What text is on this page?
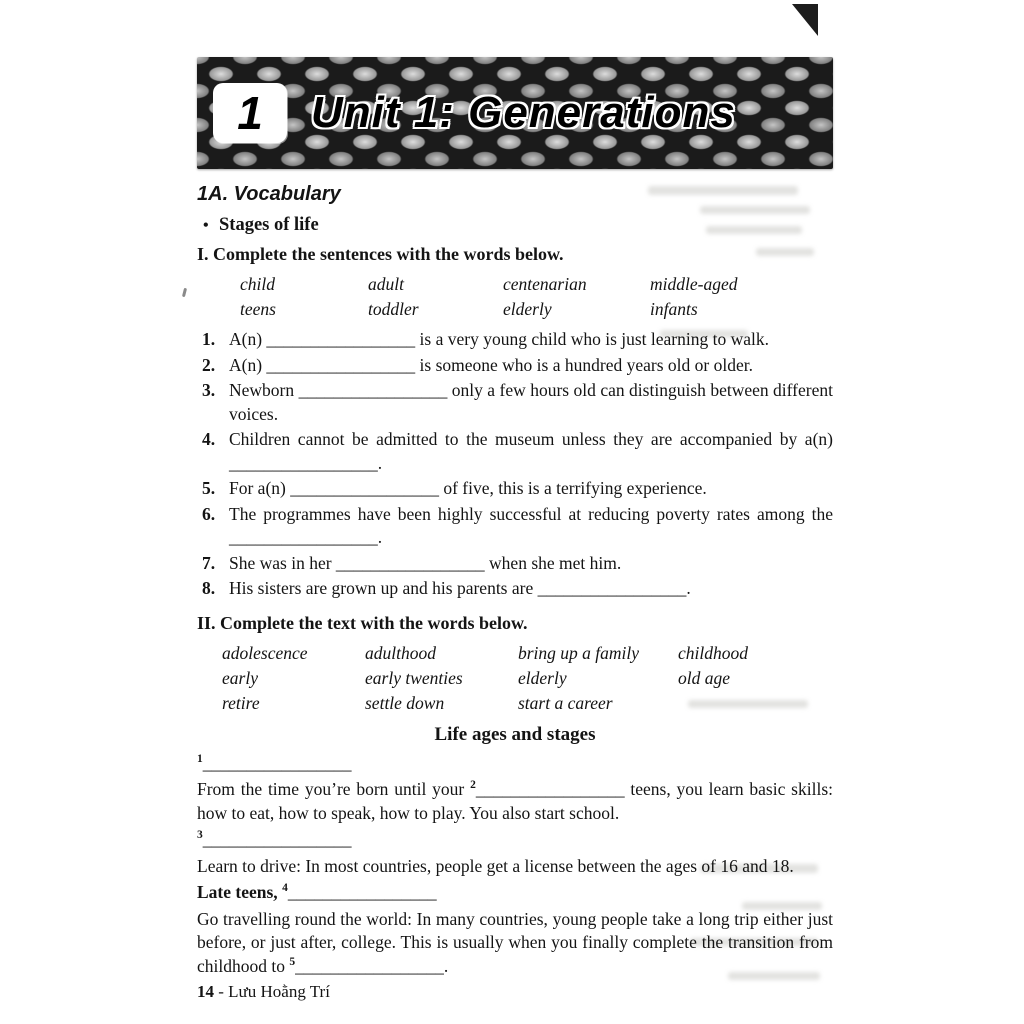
1 Unit 1: Generations
1A. Vocabulary
• Stages of life
I. Complete the sentences with the words below.
child	adult	centenarian	middle-aged
teens	toddler	elderly	infants
1. A(n) _________________ is a very young child who is just learning to walk.
2. A(n) _________________ is someone who is a hundred years old or older.
3. Newborn _________________ only a few hours old can distinguish between different voices.
4. Children cannot be admitted to the museum unless they are accompanied by a(n) _________________.
5. For a(n) _________________ of five, this is a terrifying experience.
6. The programmes have been highly successful at reducing poverty rates among the _________________.
7. She was in her _________________ when she met him.
8. His sisters are grown up and his parents are _________________.
II. Complete the text with the words below.
adolescence	adulthood	bring up a family	childhood
early	early twenties	elderly	old age
retire	settle down	start a career
Life ages and stages
$^1$_________________

From the time you’re born until your $^2$_________________ teens, you learn basic skills: how to eat, how to speak, how to play. You also start school.

$^3$_________________

Learn to drive: In most countries, people get a license between the ages of 16 and 18.

Late teens, $^4$_________________

Go travelling round the world: In many countries, young people take a long trip either just before, or just after, college. This is usually when you finally complete the transition from childhood to $^5$_________________.

14 - Lưu Hoằng Trí
